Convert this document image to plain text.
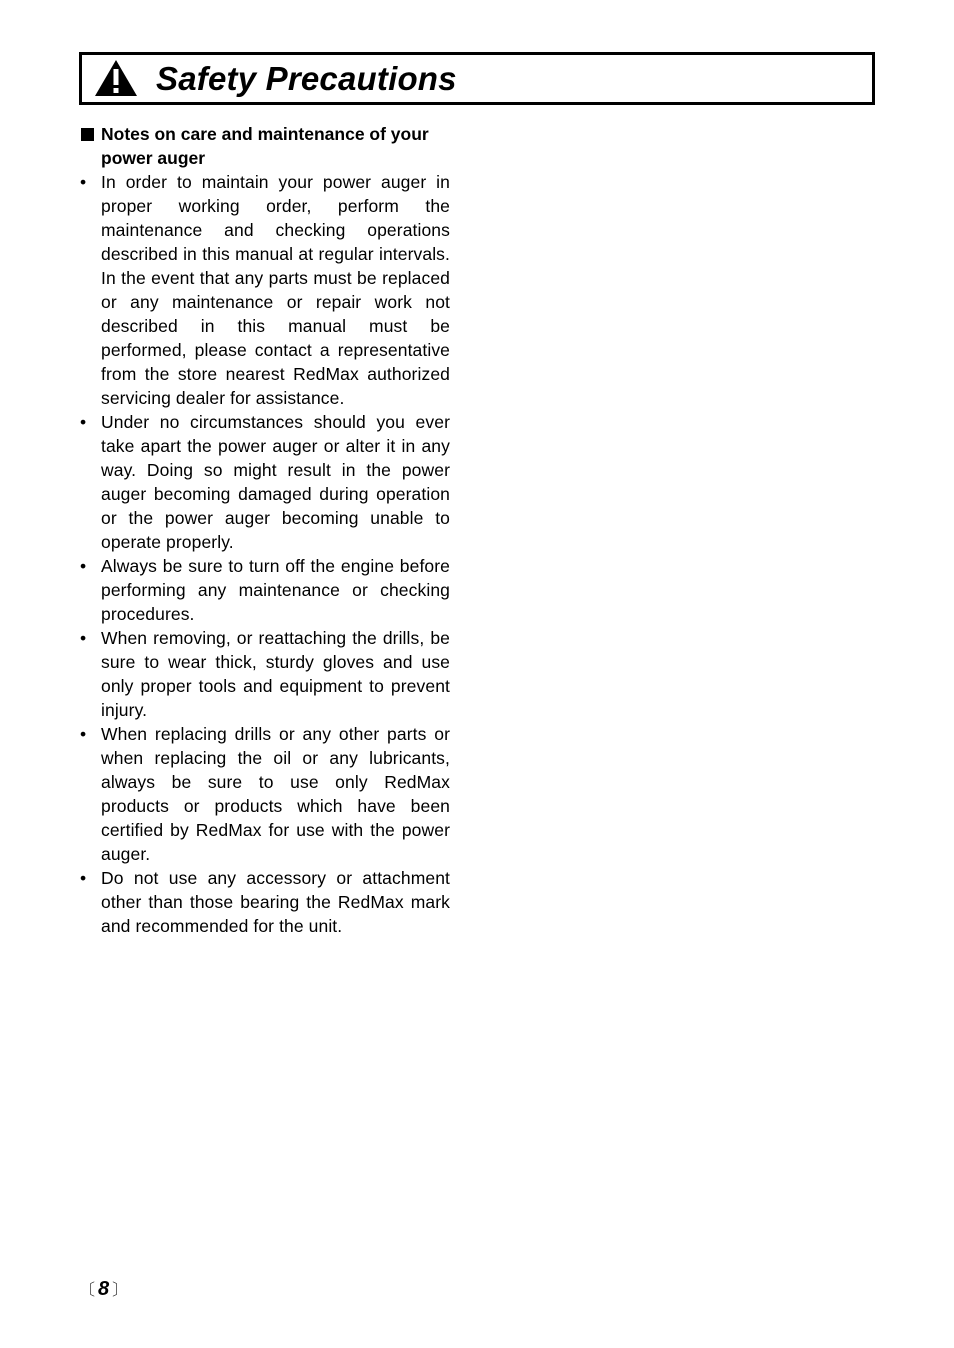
Safety Precautions

Notes on care and maintenance of your power auger

• In order to maintain your power auger in proper working order, perform the maintenance and checking operations described in this manual at regular intervals. In the event that any parts must be replaced or any maintenance or repair work not described in this manual must be performed, please contact a representative from the store nearest RedMax authorized servicing dealer for assistance.
• Under no circumstances should you ever take apart the power auger or alter it in any way. Doing so might result in the power auger becoming damaged during operation or the power auger becoming unable to operate properly.
• Always be sure to turn off the engine before performing any maintenance or checking procedures.
• When removing, or reattaching the drills, be sure to wear thick, sturdy gloves and use only proper tools and equipment to prevent injury.
• When replacing drills or any other parts or when replacing the oil or any lubricants, always be sure to use only RedMax products or products which have been certified by RedMax for use with the power auger.
• Do not use any accessory or attachment other than those bearing the RedMax mark and recommended for the unit.
〔 8 〕
